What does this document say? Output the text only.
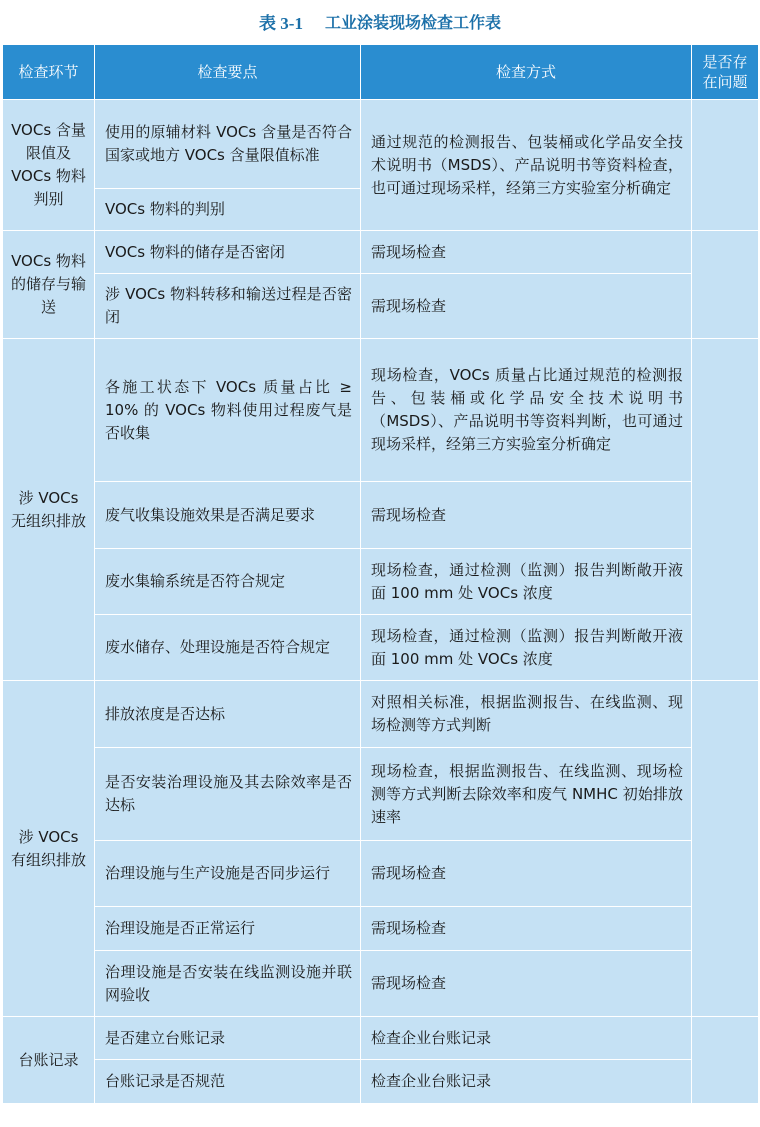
表 3-1 工业涂装现场检查工作表
检查环节	检查要点	检查方式	是否存在问题
VOCs 含量限值及 VOCs 物料判别	使用的原辅材料 VOCs 含量是否符合国家或地方 VOCs 含量限值标准	通过规范的检测报告、包装桶或化学品安全技术说明书（MSDS）、产品说明书等资料检查，也可通过现场采样，经第三方实验室分析确定	
	VOCs 物料的判别		
VOCs 物料的储存与输送	VOCs 物料的储存是否密闭	需现场检查	
	涉 VOCs 物料转移和输送过程是否密闭	需现场检查	
涉 VOCs 无组织排放	各施工状态下 VOCs 质量占比 ≥ 10% 的 VOCs 物料使用过程废气是否收集	现场检查，VOCs 质量占比通过规范的检测报告、包装桶或化学品安全技术说明书（MSDS）、产品说明书等资料判断，也可通过现场采样，经第三方实验室分析确定	
	废气收集设施效果是否满足要求	需现场检查	
	废水集输系统是否符合规定	现场检查，通过检测（监测）报告判断敞开液面 100 mm 处 VOCs 浓度	
	废水储存、处理设施是否符合规定	现场检查，通过检测（监测）报告判断敞开液面 100 mm 处 VOCs 浓度	
涉 VOCs 有组织排放	排放浓度是否达标	对照相关标准，根据监测报告、在线监测、现场检测等方式判断	
	是否安装治理设施及其去除效率是否达标	现场检查，根据监测报告、在线监测、现场检测等方式判断去除效率和废气 NMHC 初始排放速率	
	治理设施与生产设施是否同步运行	需现场检查	
	治理设施是否正常运行	需现场检查	
	治理设施是否安装在线监测设施并联网验收	需现场检查	
台账记录	是否建立台账记录	检查企业台账记录	
	台账记录是否规范	检查企业台账记录	
